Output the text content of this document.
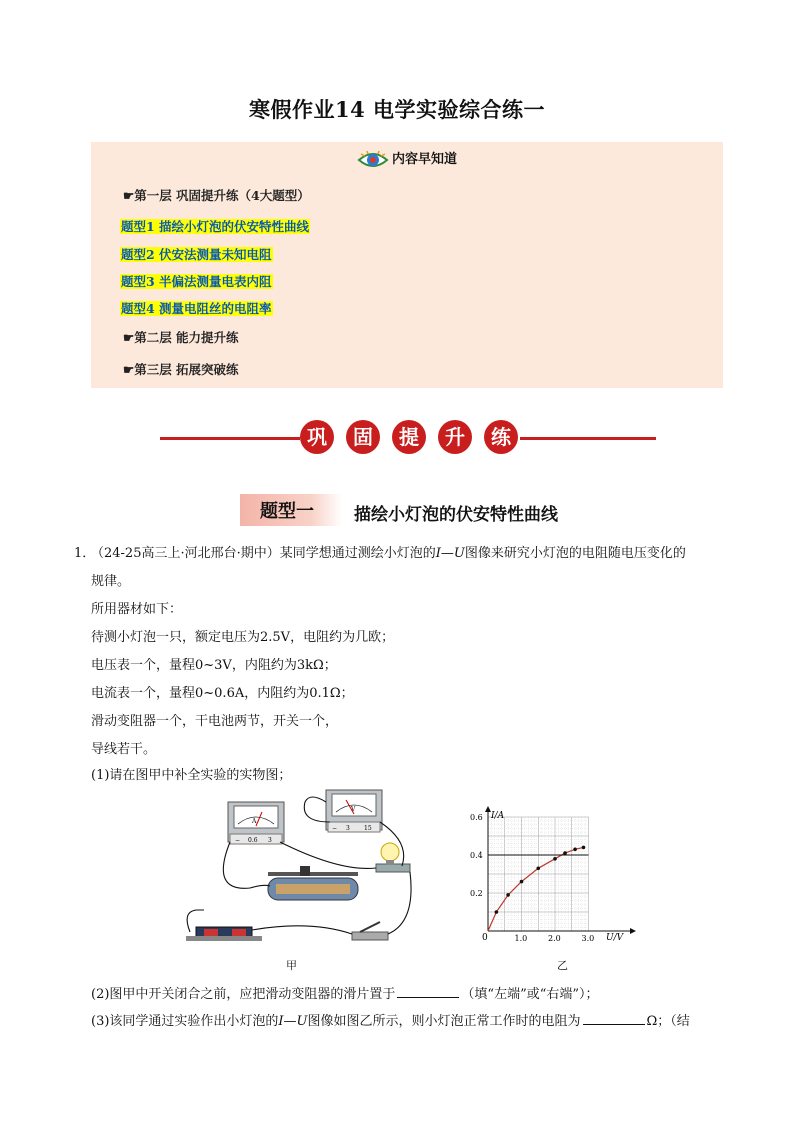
寒假作业14 电学实验综合练一
内容早知道
☛第一层 巩固提升练（4大题型）
题型1 描绘小灯泡的伏安特性曲线
题型2 伏安法测量未知电阻
题型3 半偏法测量电表内阻
题型4 测量电阻丝的电阻率
☛第二层 能力提升练
☛第三层 拓展突破练
巩	固	提	升	练
题型一 描绘小灯泡的伏安特性曲线
1．
（24-25高三上·河北邢台·期中）某同学想通过测绘小灯泡的I—U图像来研究小灯泡的电阻随电压变化的
规律。
所用器材如下：
待测小灯泡一只，额定电压为2.5V，电阻约为几欧；
电压表一个，量程0~3V，内阻约为3kΩ；
电流表一个，量程0~0.6A，内阻约为0.1Ω；
滑动变阻器一个，干电池两节，开关一个，
导线若干。
(1)请在图甲中补全实验的实物图；
A
− 0.6 3
V
− 3 15
甲
I/A
U/V
0	1.0	2.0	3.0
0.2
0.4
0.6
乙
(2)图甲中开关闭合之前，应把滑动变阻器的滑片置于	（填“左端”或“右端”）；
(3)该同学通过实验作出小灯泡的I—U图像如图乙所示，则小灯泡正常工作时的电阻为	Ω；（结
